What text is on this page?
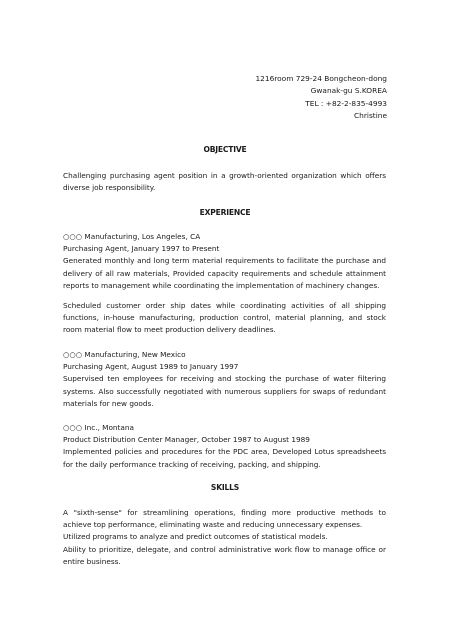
1216room 729-24 Bongcheon-dong
Gwanak-gu S.KOREA
TEL : +82-2-835-4993
Christine
OBJECTIVE
Challenging purchasing agent position in a growth-oriented organization which offers diverse job responsibility.
EXPERIENCE
○○○ Manufacturing, Los Angeles, CA
Purchasing Agent, January 1997 to Present
Generated monthly and long term material requirements to facilitate the purchase and delivery of all raw materials, Provided capacity requirements and schedule attainment reports to management while coordinating the implementation of machinery changes.
Scheduled customer order ship dates while coordinating activities of all shipping functions, in-house manufacturing, production control, material planning, and stock room material flow to meet production delivery deadlines.
○○○ Manufacturing, New Mexico
Purchasing Agent, August 1989 to January 1997
Supervised ten employees for receiving and stocking the purchase of water filtering systems. Also successfully negotiated with numerous suppliers for swaps of redundant materials for new goods.
○○○ Inc., Montana
Product Distribution Center Manager, October 1987 to August 1989
Implemented policies and procedures for the PDC area, Developed Lotus spreadsheets for the daily performance tracking of receiving, packing, and shipping.
SKILLS
A "sixth-sense" for streamlining operations, finding more productive methods to achieve top performance, eliminating waste and reducing unnecessary expenses.
Utilized programs to analyze and predict outcomes of statistical models.
Ability to prioritize, delegate, and control administrative work flow to manage office or entire business.
